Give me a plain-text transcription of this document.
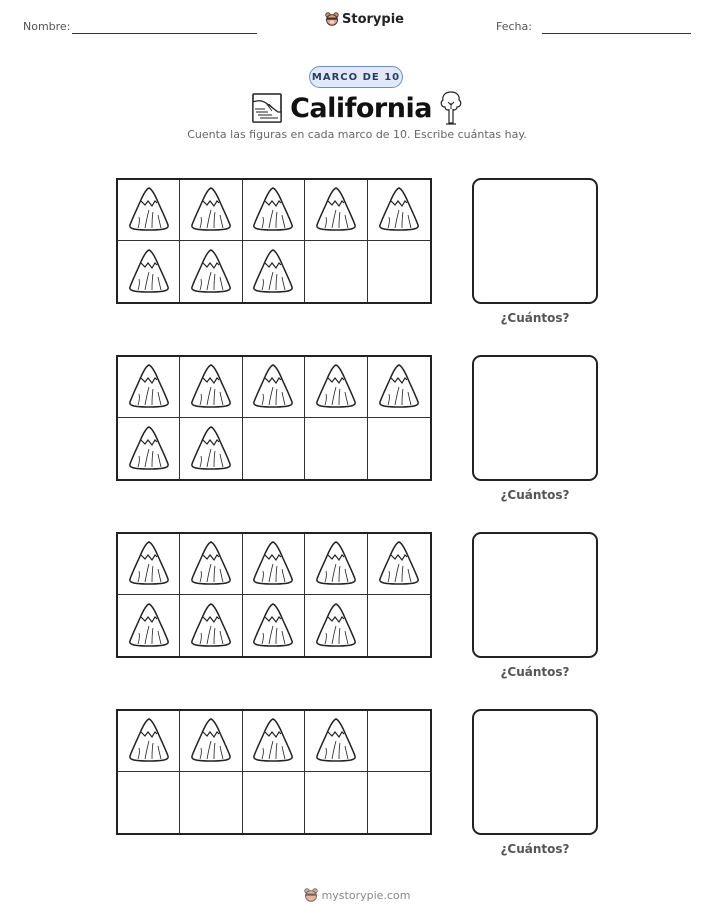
Nombre:	Storypie	Fecha:
MARCO DE 10
California
Cuenta las figuras en cada marco de 10. Escribe cuántas hay.
¿Cuántos?
¿Cuántos?
¿Cuántos?
¿Cuántos?
mystorypie.com
